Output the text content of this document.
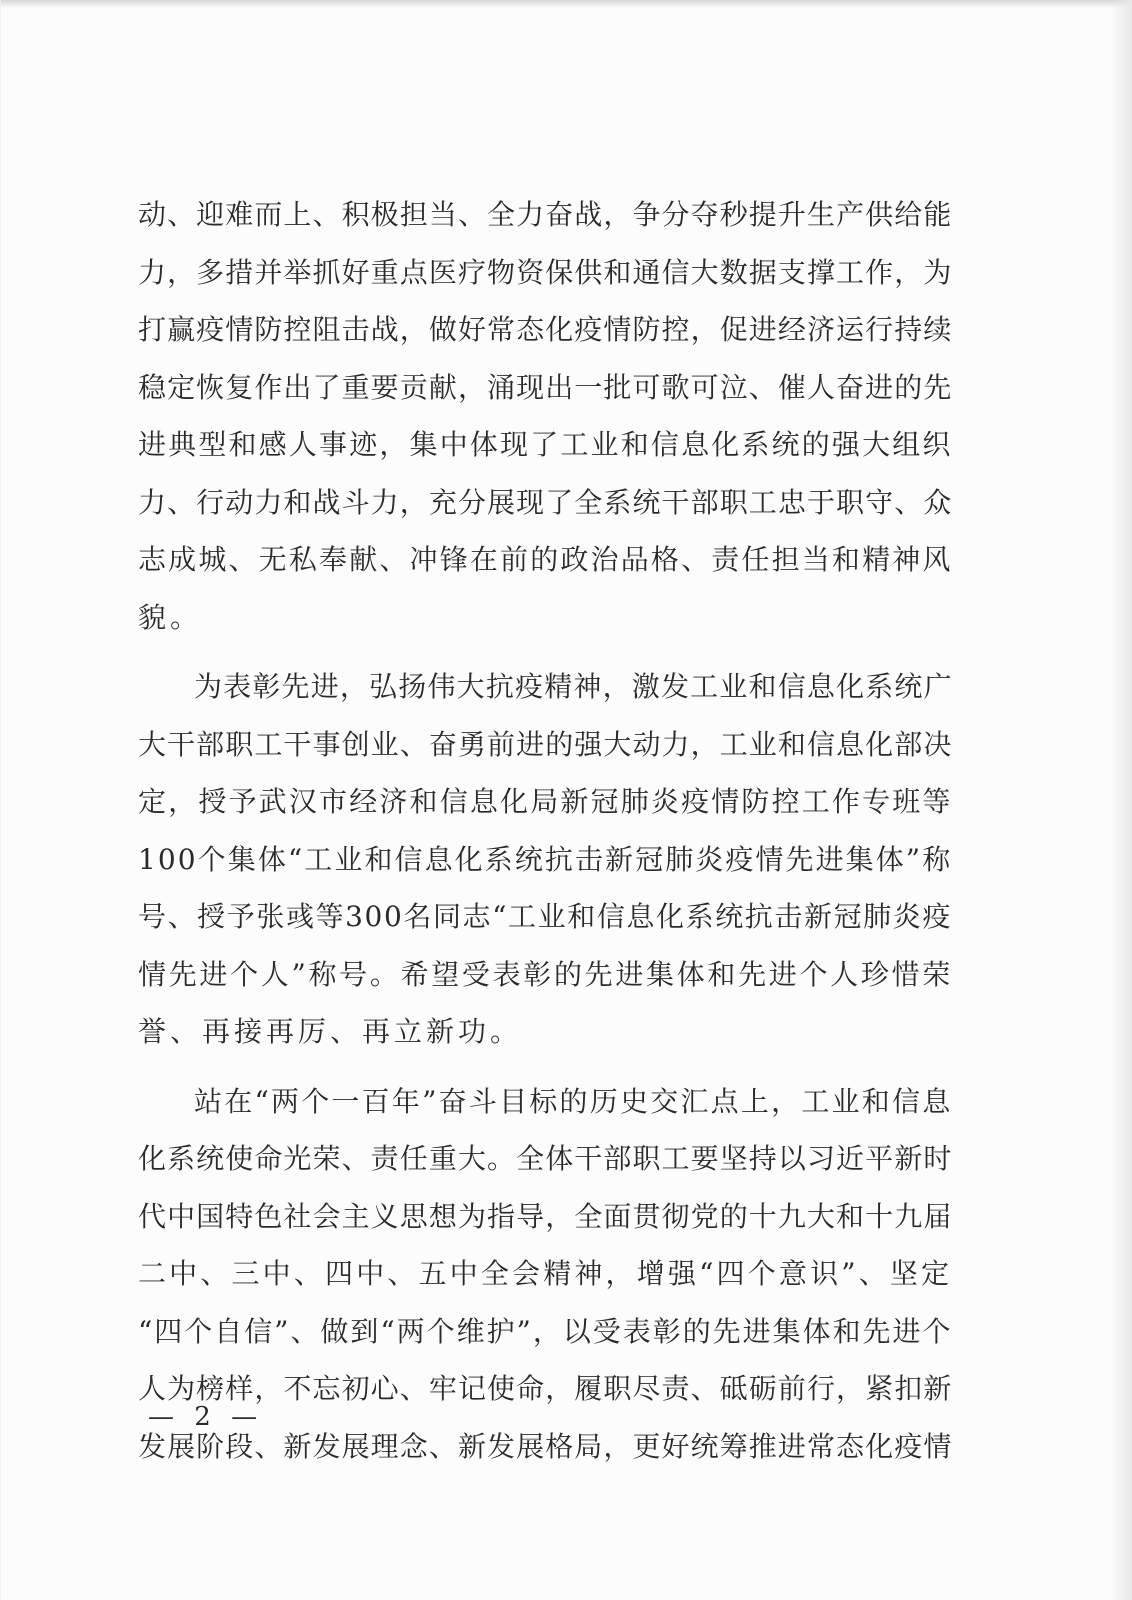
动、迎难而上、积极担当、全力奋战，争分夺秒提升生产供给能
力，多措并举抓好重点医疗物资保供和通信大数据支撑工作，为
打赢疫情防控阻击战，做好常态化疫情防控，促进经济运行持续
稳定恢复作出了重要贡献，涌现出一批可歌可泣、催人奋进的先
进典型和感人事迹，集中体现了工业和信息化系统的强大组织
力、行动力和战斗力，充分展现了全系统干部职工忠于职守、众
志成城、无私奉献、冲锋在前的政治品格、责任担当和精神风
貌。
为表彰先进，弘扬伟大抗疫精神，激发工业和信息化系统广
大干部职工干事创业、奋勇前进的强大动力，工业和信息化部决
定，授予武汉市经济和信息化局新冠肺炎疫情防控工作专班等
100个集体“工业和信息化系统抗击新冠肺炎疫情先进集体”称
号、授予张彧等300名同志“工业和信息化系统抗击新冠肺炎疫
情先进个人”称号。希望受表彰的先进集体和先进个人珍惜荣
誉、再接再厉、再立新功。
站在“两个一百年”奋斗目标的历史交汇点上，工业和信息
化系统使命光荣、责任重大。全体干部职工要坚持以习近平新时
代中国特色社会主义思想为指导，全面贯彻党的十九大和十九届
二中、三中、四中、五中全会精神，增强“四个意识”、坚定
“四个自信”、做到“两个维护”，以受表彰的先进集体和先进个
人为榜样，不忘初心、牢记使命，履职尽责、砥砺前行，紧扣新
发展阶段、新发展理念、新发展格局，更好统筹推进常态化疫情
— 2 —
